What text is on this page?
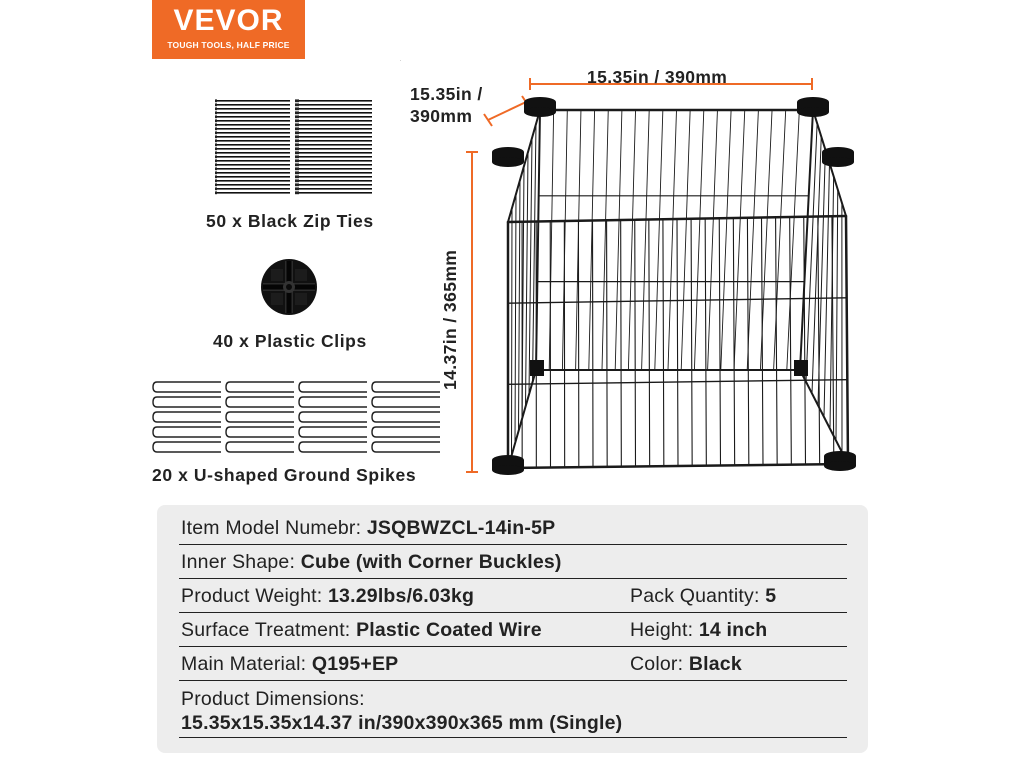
VEVOR
TOUGH TOOLS, HALF PRICE
50 x Black Zip Ties
40 x Plastic Clips
20 x U-shaped Ground Spikes
15.35in / 390mm
15.35in /
390mm
14.37in / 365mm
Item Model Numebr: JSQBWZCL-14in-5P
Inner Shape: Cube (with Corner Buckles)
Product Weight: 13.29lbs/6.03kg	Pack Quantity: 5
Surface Treatment: Plastic Coated Wire	Height: 14 inch
Main Material: Q195+EP	Color: Black
Product Dimensions:
15.35x15.35x14.37 in/390x390x365 mm (Single)
